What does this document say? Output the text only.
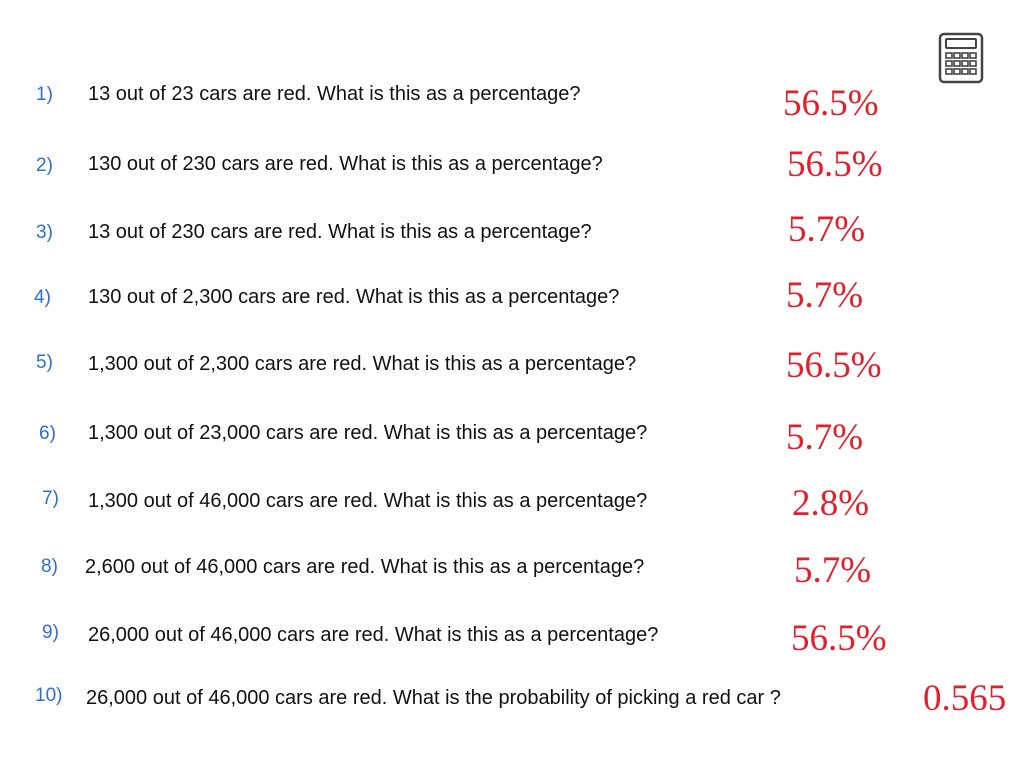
1) 13 out of 23 cars are red. What is this as a percentage?	56.5%
2) 130 out of 230 cars are red. What is this as a percentage?	56.5%
3) 13 out of 230 cars are red. What is this as a percentage?	5.7%
4) 130 out of 2,300 cars are red. What is this as a percentage?	5.7%
5) 1,300 out of 2,300 cars are red. What is this as a percentage?	56.5%
6) 1,300 out of 23,000 cars are red. What is this as a percentage?	5.7%
7) 1,300 out of 46,000 cars are red. What is this as a percentage?	2.8%
8) 2,600 out of 46,000 cars are red. What is this as a percentage?	5.7%
9) 26,000 out of 46,000 cars are red. What is this as a percentage?	56.5%
10) 26,000 out of 46,000 cars are red. What is the probability of picking a red car ?	0.565
